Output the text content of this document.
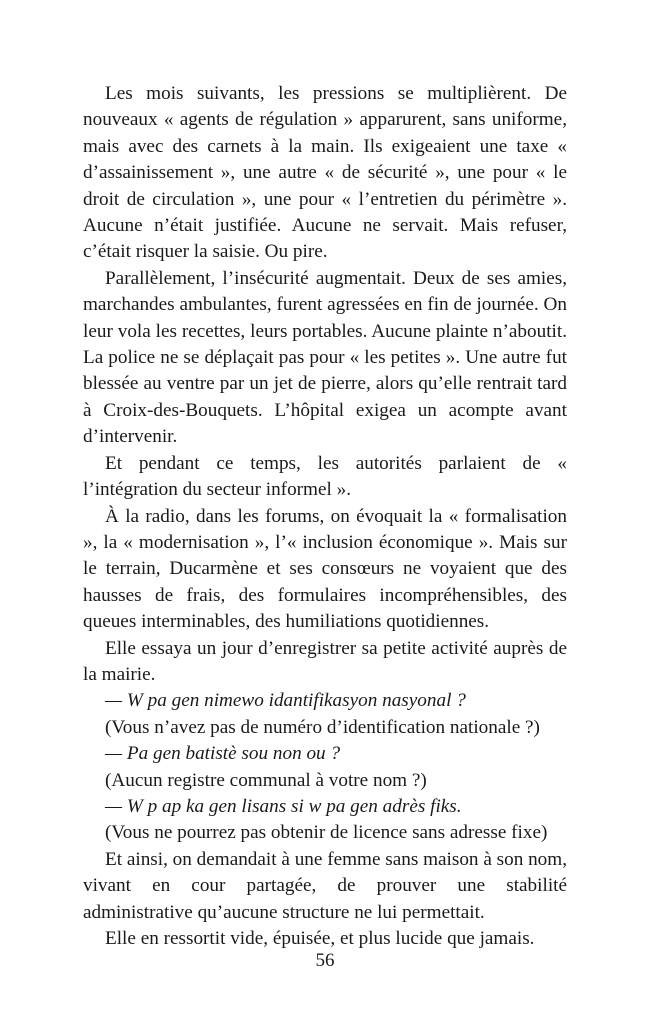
Les mois suivants, les pressions se multiplièrent. De nouveaux « agents de régulation » apparurent, sans uniforme, mais avec des carnets à la main. Ils exigeaient une taxe « d’assainissement », une autre « de sécurité », une pour « le droit de circulation », une pour « l’entretien du périmètre ». Aucune n’était justifiée. Aucune ne servait. Mais refuser, c’était risquer la saisie. Ou pire.

Parallèlement, l’insécurité augmentait. Deux de ses amies, marchandes ambulantes, furent agressées en fin de journée. On leur vola les recettes, leurs portables. Aucune plainte n’aboutit. La police ne se déplaçait pas pour « les petites ». Une autre fut blessée au ventre par un jet de pierre, alors qu’elle rentrait tard à Croix-des-Bouquets. L’hôpital exigea un acompte avant d’intervenir.

Et pendant ce temps, les autorités parlaient de « l’intégration du secteur informel ».

À la radio, dans les forums, on évoquait la « formalisation », la « modernisation », l’« inclusion économique ». Mais sur le terrain, Ducarmène et ses consœurs ne voyaient que des hausses de frais, des formulaires incompréhensibles, des queues interminables, des humiliations quotidiennes.

Elle essaya un jour d’enregistrer sa petite activité auprès de la mairie.

— W pa gen nimewo idantifikasyon nasyonal ?

(Vous n’avez pas de numéro d’identification nationale ?)

— Pa gen batistè sou non ou ?

(Aucun registre communal à votre nom ?)

— W p ap ka gen lisans si w pa gen adrès fiks.

(Vous ne pourrez pas obtenir de licence sans adresse fixe)

Et ainsi, on demandait à une femme sans maison à son nom, vivant en cour partagée, de prouver une stabilité administrative qu’aucune structure ne lui permettait.

Elle en ressortit vide, épuisée, et plus lucide que jamais.

56
